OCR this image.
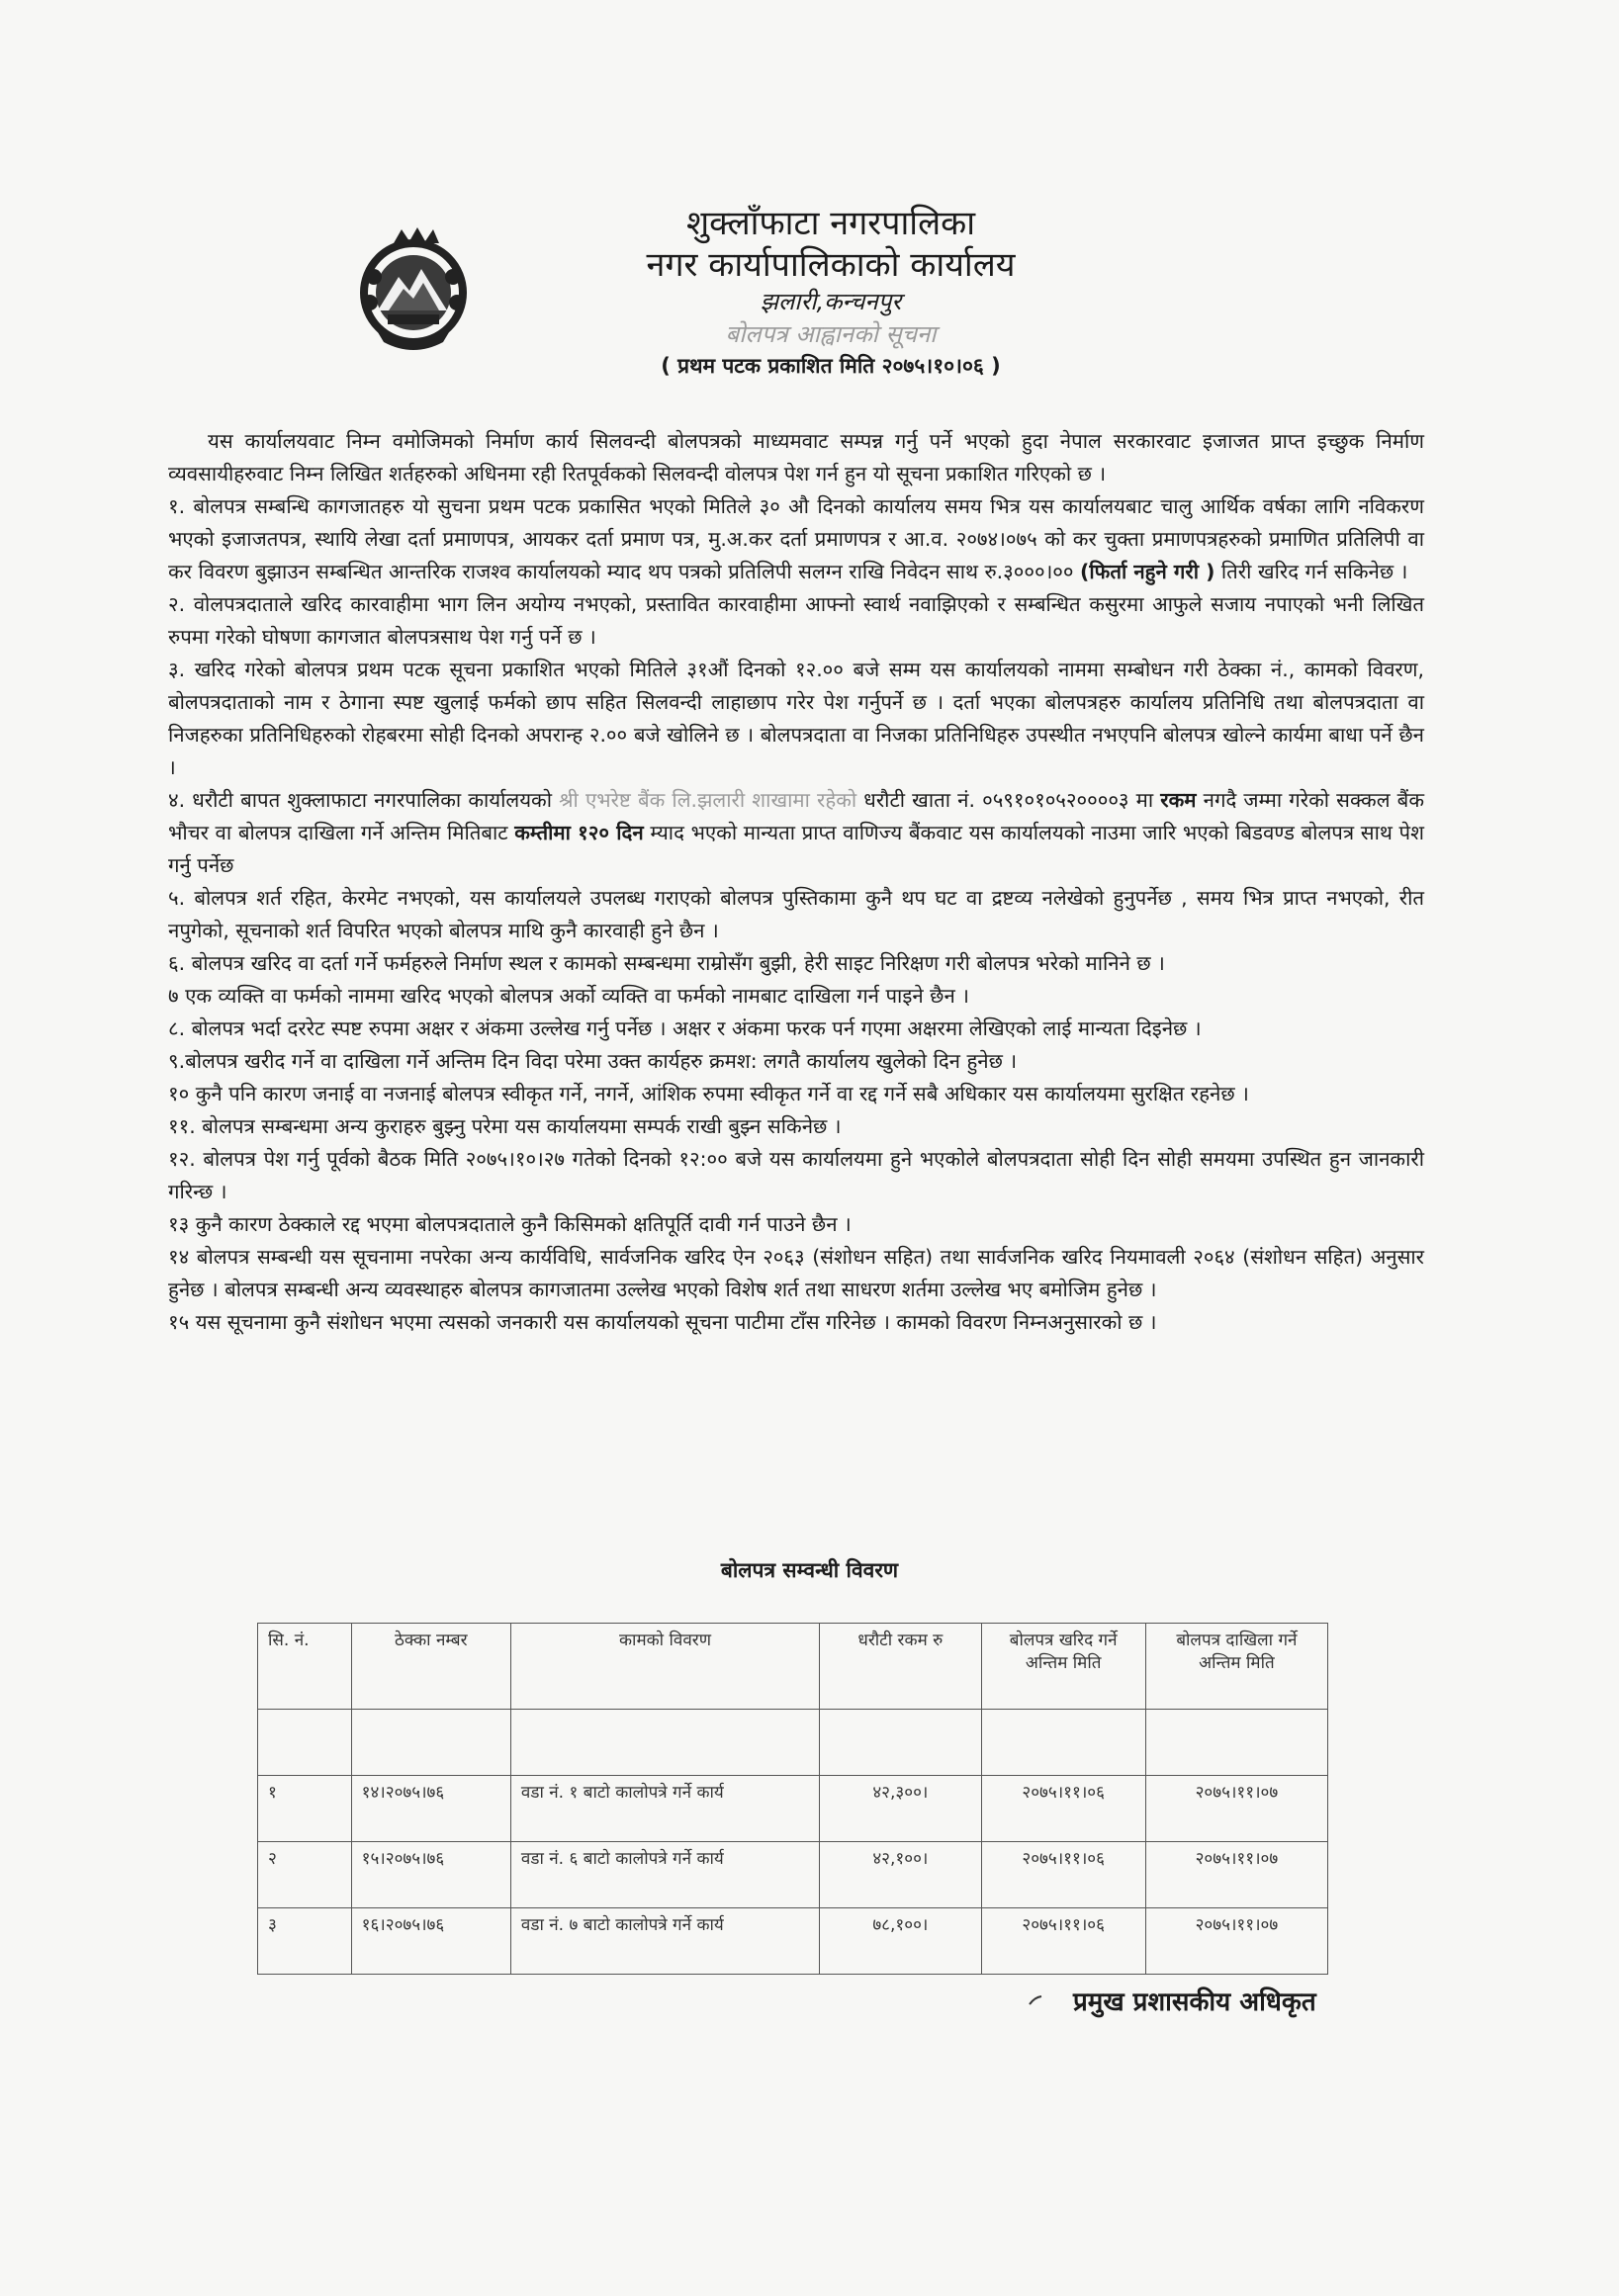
शुक्लाँफाटा नगरपालिका
नगर कार्यापालिकाको कार्यालय
झलारी,कन्चनपुर
बोलपत्र आह्वानको सूचना
( प्रथम पटक प्रकाशित मिति २०७५।१०।०६ )

यस कार्यालयवाट निम्न वमोजिमको निर्माण कार्य सिलवन्दी बोलपत्रको माध्यमवाट सम्पन्न गर्नु पर्ने भएको हुदा नेपाल सरकारवाट इजाजत प्राप्त इच्छुक निर्माण व्यवसायीहरुवाट निम्न लिखित शर्तहरुको अधिनमा रही रितपूर्वकको सिलवन्दी वोलपत्र पेश गर्न हुन यो सूचना प्रकाशित गरिएको छ ।

१. बोलपत्र सम्बन्धि कागजातहरु यो सुचना प्रथम पटक प्रकासित भएको मितिले ३० औ दिनको कार्यालय समय भित्र यस कार्यालयबाट चालु आर्थिक वर्षका लागि नविकरण भएको इजाजतपत्र, स्थायि लेखा दर्ता प्रमाणपत्र, आयकर दर्ता प्रमाण पत्र, मु.अ.कर दर्ता प्रमाणपत्र र आ.व. २०७४।०७५ को कर चुक्ता प्रमाणपत्रहरुको प्रमाणित प्रतिलिपी वा कर विवरण बुझाउन सम्बन्धित आन्तरिक राजश्व कार्यालयको म्याद थप पत्रको प्रतिलिपी सलग्न राखि निवेदन साथ रु.३०००।०० (फिर्ता नहुने गरी ) तिरी खरिद गर्न सकिनेछ ।

२. वोलपत्रदाताले खरिद कारवाहीमा भाग लिन अयोग्य नभएको, प्रस्तावित कारवाहीमा आफ्नो स्वार्थ नवाझिएको र सम्बन्धित कसुरमा आफुले सजाय नपाएको भनी लिखित रुपमा गरेको घोषणा कागजात बोलपत्रसाथ पेश गर्नु पर्ने छ ।

३. खरिद गरेको बोलपत्र प्रथम पटक सूचना प्रकाशित भएको मितिले ३१औं दिनको १२.०० बजे सम्म यस कार्यालयको नाममा सम्बोधन गरी ठेक्का नं., कामको विवरण, बोलपत्रदाताको नाम र ठेगाना स्पष्ट खुलाई फर्मको छाप सहित सिलवन्दी लाहाछाप गरेर पेश गर्नुपर्ने छ । दर्ता भएका बोलपत्रहरु कार्यालय प्रतिनिधि तथा बोलपत्रदाता वा निजहरुका प्रतिनिधिहरुको रोहबरमा सोही दिनको अपरान्ह २.०० बजे खोलिने छ । बोलपत्रदाता वा निजका प्रतिनिधिहरु उपस्थीत नभएपनि बोलपत्र खोल्ने कार्यमा बाधा पर्ने छैन ।

४. धरौटी बापत शुक्लाफाटा नगरपालिका कार्यालयको श्री एभरेष्ट बैंक लि.झलारी शाखामा रहेको धरौटी खाता नं. ०५९१०१०५२००००३ मा रकम नगदै जम्मा गरेको सक्कल बैंक भौचर वा बोलपत्र दाखिला गर्ने अन्तिम मितिबाट कम्तीमा १२० दिन म्याद भएको मान्यता प्राप्त वाणिज्य बैंकवाट यस कार्यालयको नाउमा जारि भएको बिडवण्ड बोलपत्र साथ पेश गर्नु पर्नेछ

५. बोलपत्र शर्त रहित, केरमेट नभएको, यस कार्यालयले उपलब्ध गराएको बोलपत्र पुस्तिकामा कुनै थप घट वा द्रष्टव्य नलेखेको हुनुपर्नेछ , समय भित्र प्राप्त नभएको, रीत नपुगेको, सूचनाको शर्त विपरित भएको बोलपत्र माथि कुनै कारवाही हुने छैन ।

६. बोलपत्र खरिद वा दर्ता गर्ने फर्महरुले निर्माण स्थल र कामको सम्बन्धमा राम्रोसँग बुझी, हेरी साइट निरिक्षण गरी बोलपत्र भरेको मानिने छ ।

७ एक व्यक्ति वा फर्मको नाममा खरिद भएको बोलपत्र अर्को व्यक्ति वा फर्मको नामबाट दाखिला गर्न पाइने छैन ।

८. बोलपत्र भर्दा दररेट स्पष्ट रुपमा अक्षर र अंकमा उल्लेख गर्नु पर्नेछ । अक्षर र अंकमा फरक पर्न गएमा अक्षरमा लेखिएको लाई मान्यता दिइनेछ ।

९.बोलपत्र खरीद गर्ने वा दाखिला गर्ने अन्तिम दिन विदा परेमा उक्त कार्यहरु क्रमश: लगतै कार्यालय खुलेको दिन हुनेछ ।

१० कुनै पनि कारण जनाई वा नजनाई बोलपत्र स्वीकृत गर्ने, नगर्ने, आंशिक रुपमा स्वीकृत गर्ने वा रद्द गर्ने सबै अधिकार यस कार्यालयमा सुरक्षित रहनेछ ।

११. बोलपत्र सम्बन्धमा अन्य कुराहरु बुझ्नु परेमा यस कार्यालयमा सम्पर्क राखी बुझ्न सकिनेछ ।

१२. बोलपत्र पेश गर्नु पूर्वको बैठक मिति २०७५।१०।२७ गतेको दिनको १२:०० बजे यस कार्यालयमा हुने भएकोले बोलपत्रदाता सोही दिन सोही समयमा उपस्थित हुन जानकारी गरिन्छ ।

१३ कुनै कारण ठेक्काले रद्द भएमा बोलपत्रदाताले कुनै किसिमको क्षतिपूर्ति दावी गर्न पाउने छैन ।

१४ बोलपत्र सम्बन्धी यस सूचनामा नपरेका अन्य कार्यविधि, सार्वजनिक खरिद ऐन २०६३ (संशोधन सहित) तथा सार्वजनिक खरिद नियमावली २०६४ (संशोधन सहित) अनुसार हुनेछ । बोलपत्र सम्बन्धी अन्य व्यवस्थाहरु बोलपत्र कागजातमा उल्लेख भएको विशेष शर्त तथा साधरण शर्तमा उल्लेख भए बमोजिम हुनेछ ।

१५ यस सूचनामा कुनै संशोधन भएमा त्यसको जनकारी यस कार्यालयको सूचना पाटीमा टाँस गरिनेछ । कामको विवरण निम्नअनुसारको छ ।

बोलपत्र सम्वन्धी विवरण
सि. नं.	ठेक्का नम्बर	कामको विवरण	धरौटी रकम रु	बोलपत्र खरिद गर्ने अन्तिम मिति	बोलपत्र दाखिला गर्ने अन्तिम मिति

१	१४।२०७५।७६	वडा नं. १ बाटो कालोपत्रे गर्ने कार्य	४२,३००।	२०७५।११।०६	२०७५।११।०७
२	१५।२०७५।७६	वडा नं. ६ बाटो कालोपत्रे गर्ने कार्य	४२,१००।	२०७५।११।०६	२०७५।११।०७
३	१६।२०७५।७६	वडा नं. ७ बाटो कालोपत्रे गर्ने कार्य	७८,१००।	२०७५।११।०६	२०७५।११।०७
प्रमुख प्रशासकीय अधिकृत
